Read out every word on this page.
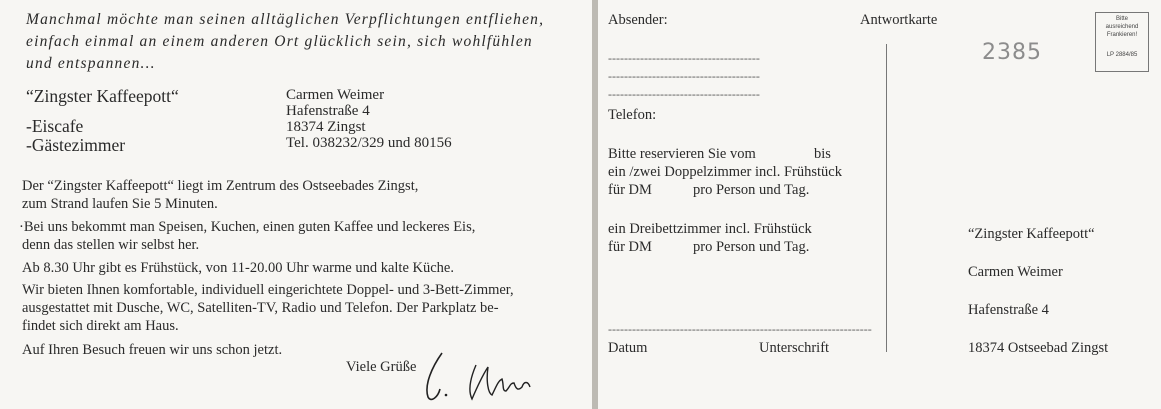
Manchmal möchte man seinen alltäglichen Verpflichtungen entfliehen,
einfach einmal an einem anderen Ort glücklich sein, sich wohlfühlen
und entspannen...
“Zingster Kaffeepott“
-Eiscafe
-Gästezimmer
Carmen Weimer
Hafenstraße 4
18374 Zingst
Tel. 038232/329 und 80156
Der “Zingster Kaffeepott“ liegt im Zentrum des Ostseebades Zingst,
zum Strand laufen Sie 5 Minuten.
·Bei uns bekommt man Speisen, Kuchen, einen guten Kaffee und leckeres Eis,
denn das stellen wir selbst her.
Ab 8.30 Uhr gibt es Frühstück, von 11-20.00 Uhr warme und kalte Küche.
Wir bieten Ihnen komfortable, individuell eingerichtete Doppel- und 3-Bett-Zimmer,
ausgestattet mit Dusche, WC, Satelliten-TV, Radio und Telefon. Der Parkplatz be-
findet sich direkt am Haus.
Auf Ihren Besuch freuen wir uns schon jetzt.
Viele Grüße
Absender:	Antwortkarte
--------------------------------------
--------------------------------------
--------------------------------------
Telefon:
Bitte reservieren Sie vom	bis
ein /zwei Doppelzimmer incl. Frühstück
für DM	pro Person und Tag.
ein Dreibettzimmer incl. Frühstück
für DM	pro Person und Tag.
------------------------------------------------------------------
Datum	Unterschrift
2385
Bitte
ausreichend
Frankieren!
LP 2884/85
“Zingster Kaffeepott“
Carmen Weimer
Hafenstraße 4
18374 Ostseebad Zingst
